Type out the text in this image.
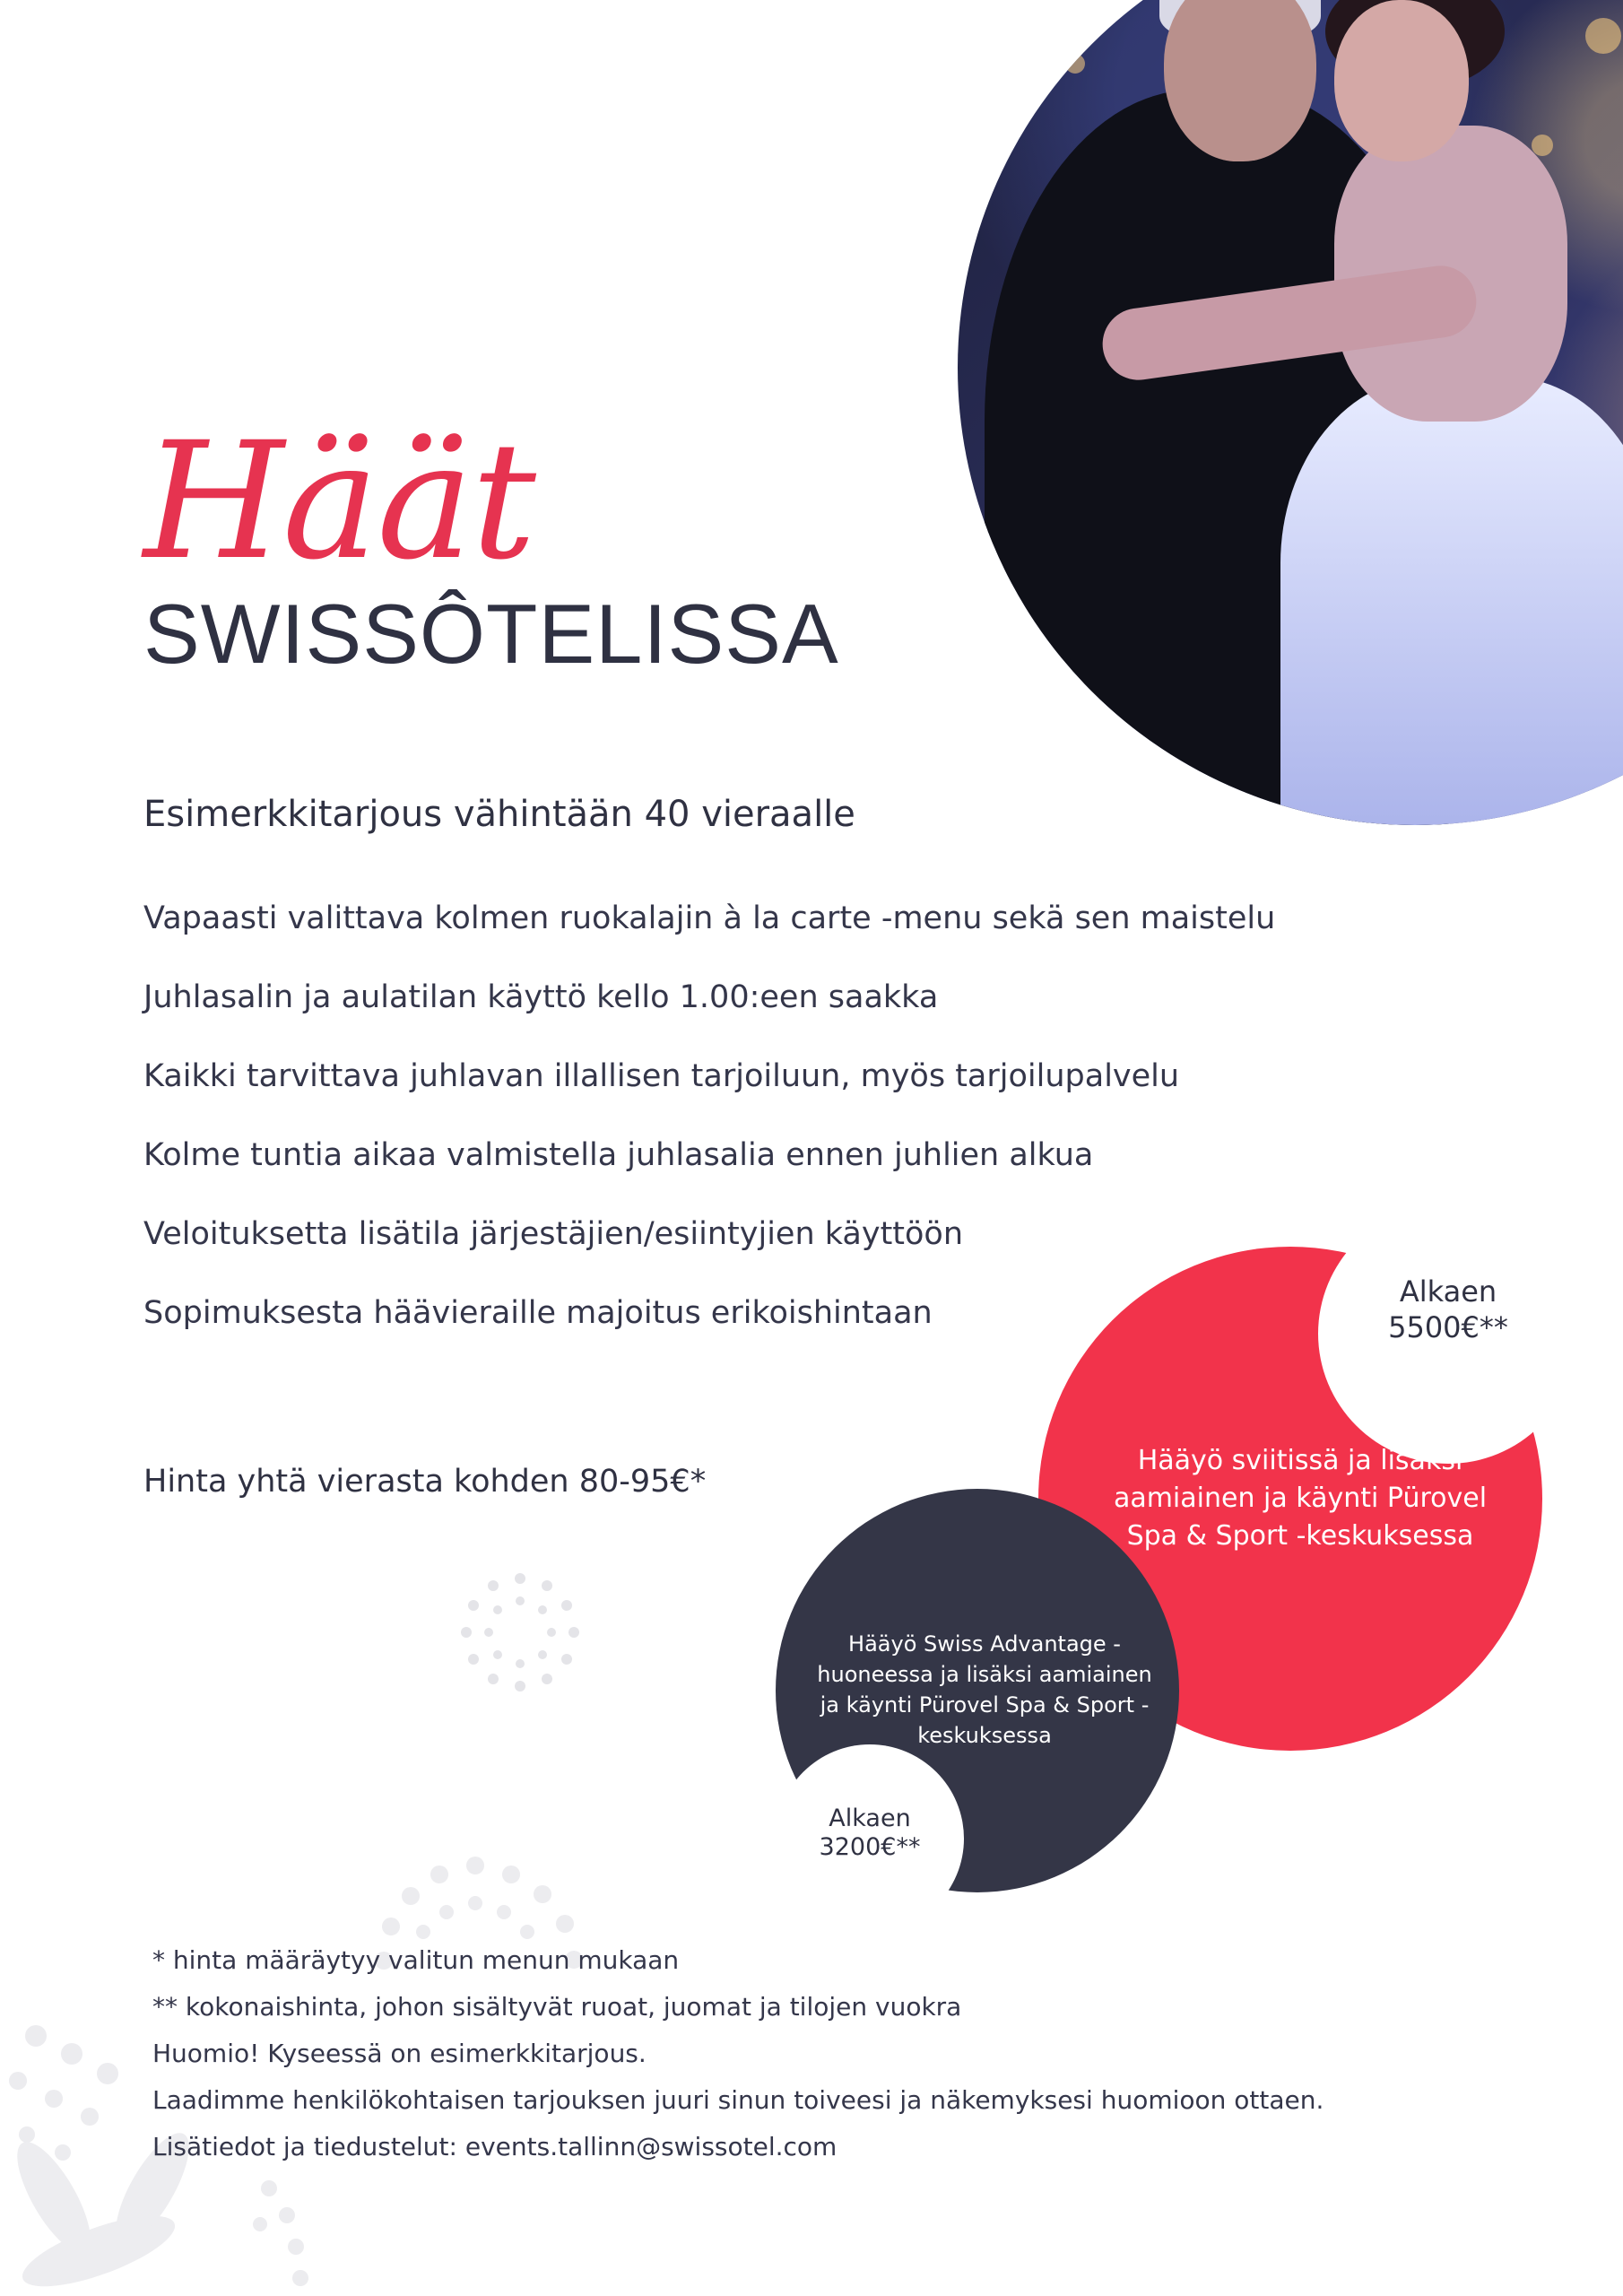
Häät
SWISSÔTELISSA
Esimerkkitarjous vähintään 40 vieraalle
Vapaasti valittava kolmen ruokalajin à la carte -menu sekä sen maistelu
Juhlasalin ja aulatilan käyttö kello 1.00:een saakka
Kaikki tarvittava juhlavan illallisen tarjoiluun, myös tarjoilupalvelu
Kolme tuntia aikaa valmistella juhlasalia ennen juhlien alkua
Veloituksetta lisätila järjestäjien/esiintyjien käyttöön
Sopimuksesta häävieraille majoitus erikoishintaan

Hinta yhtä vierasta kohden 80-95€*

Alkaen
5500€**
Hääyö sviitissä ja lisäksi aamiainen ja käynti Pürovel Spa & Sport -keskuksessa
Hääyö Swiss Advantage -huoneessa ja lisäksi aamiainen ja käynti Pürovel Spa & Sport -keskuksessa
Alkaen
3200€**
* hinta määräytyy valitun menun mukaan
** kokonaishinta, johon sisältyvät ruoat, juomat ja tilojen vuokra
Huomio! Kyseessä on esimerkkitarjous.
Laadimme henkilökohtaisen tarjouksen juuri sinun toiveesi ja näkemyksesi huomioon ottaen.
Lisätiedot ja tiedustelut: events.tallinn@swissotel.com
